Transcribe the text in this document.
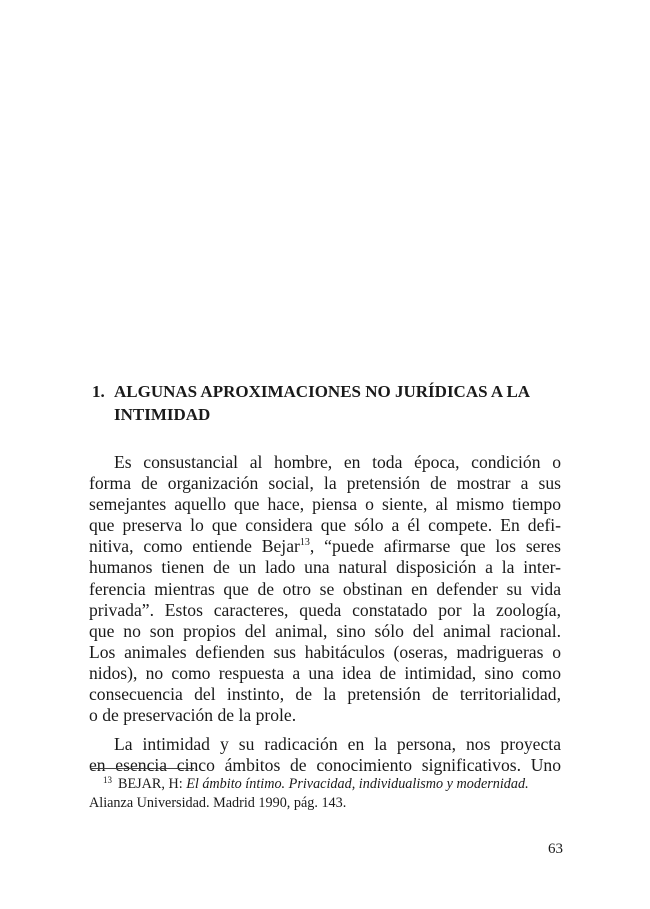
1. ALGUNAS APROXIMACIONES NO JURÍDICAS A LA
INTIMIDAD

Es consustancial al hombre, en toda época, condición o
forma de organización social, la pretensión de mostrar a sus
semejantes aquello que hace, piensa o siente, al mismo tiempo
que preserva lo que considera que sólo a él compete. En defi-
nitiva, como entiende Bejar$^{13}$, “puede afirmarse que los seres
humanos tienen de un lado una natural disposición a la inter-
ferencia mientras que de otro se obstinan en defender su vida
privada”. Estos caracteres, queda constatado por la zoología,
que no son propios del animal, sino sólo del animal racional.
Los animales defienden sus habitáculos (oseras, madrigueras o
nidos), no como respuesta a una idea de intimidad, sino como
consecuencia del instinto, de la pretensión de territorialidad,
o de preservación de la prole.

La intimidad y su radicación en la persona, nos proyecta
en esencia cinco ámbitos de conocimiento significativos. Uno

$^{13}$ BEJAR, H: El ámbito íntimo. Privacidad, individualismo y modernidad.
Alianza Universidad. Madrid 1990, pág. 143.
63
